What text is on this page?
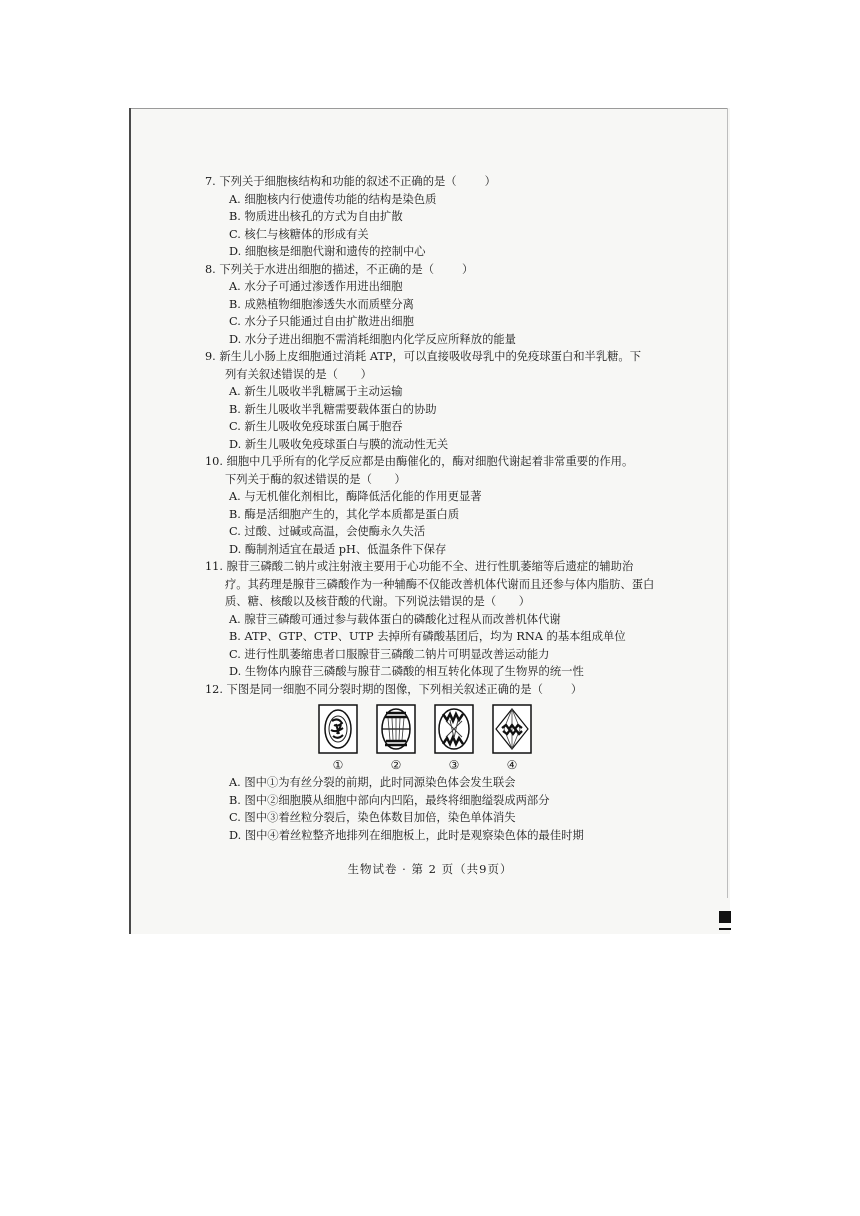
7. 下列关于细胞核结构和功能的叙述不正确的是（ ）
A. 细胞核内行使遗传功能的结构是染色质
B. 物质进出核孔的方式为自由扩散
C. 核仁与核糖体的形成有关
D. 细胞核是细胞代谢和遗传的控制中心
8. 下列关于水进出细胞的描述，不正确的是（ ）
A. 水分子可通过渗透作用进出细胞
B. 成熟植物细胞渗透失水而质壁分离
C. 水分子只能通过自由扩散进出细胞
D. 水分子进出细胞不需消耗细胞内化学反应所释放的能量
9. 新生儿小肠上皮细胞通过消耗 ATP，可以直接吸收母乳中的免疫球蛋白和半乳糖。下
列有关叙述错误的是（　　）
A. 新生儿吸收半乳糖属于主动运输
B. 新生儿吸收半乳糖需要载体蛋白的协助
C. 新生儿吸收免疫球蛋白属于胞吞
D. 新生儿吸收免疫球蛋白与膜的流动性无关
10. 细胞中几乎所有的化学反应都是由酶催化的，酶对细胞代谢起着非常重要的作用。
下列关于酶的叙述错误的是（　　）
A. 与无机催化剂相比，酶降低活化能的作用更显著
B. 酶是活细胞产生的，其化学本质都是蛋白质
C. 过酸、过碱或高温，会使酶永久失活
D. 酶制剂适宜在最适 pH、低温条件下保存
11. 腺苷三磷酸二钠片或注射液主要用于心功能不全、进行性肌萎缩等后遗症的辅助治
疗。其药理是腺苷三磷酸作为一种辅酶不仅能改善机体代谢而且还参与体内脂肪、蛋白质、糖、核酸以及核苷酸的代谢。下列说法错误的是（　　）
A. 腺苷三磷酸可通过参与载体蛋白的磷酸化过程从而改善机体代谢
B. ATP、GTP、CTP、UTP 去掉所有磷酸基团后，均为 RNA 的基本组成单位
C. 进行性肌萎缩患者口服腺苷三磷酸二钠片可明显改善运动能力
D. 生物体内腺苷三磷酸与腺苷二磷酸的相互转化体现了生物界的统一性
12. 下图是同一细胞不同分裂时期的图像，下列相关叙述正确的是（ ）
①	②	③	④
A. 图中①为有丝分裂的前期，此时同源染色体会发生联会
B. 图中②细胞膜从细胞中部向内凹陷，最终将细胞缢裂成两部分
C. 图中③着丝粒分裂后，染色体数目加倍，染色单体消失
D. 图中④着丝粒整齐地排列在细胞板上，此时是观察染色体的最佳时期
生物试卷 · 第 2 页（共9页）
